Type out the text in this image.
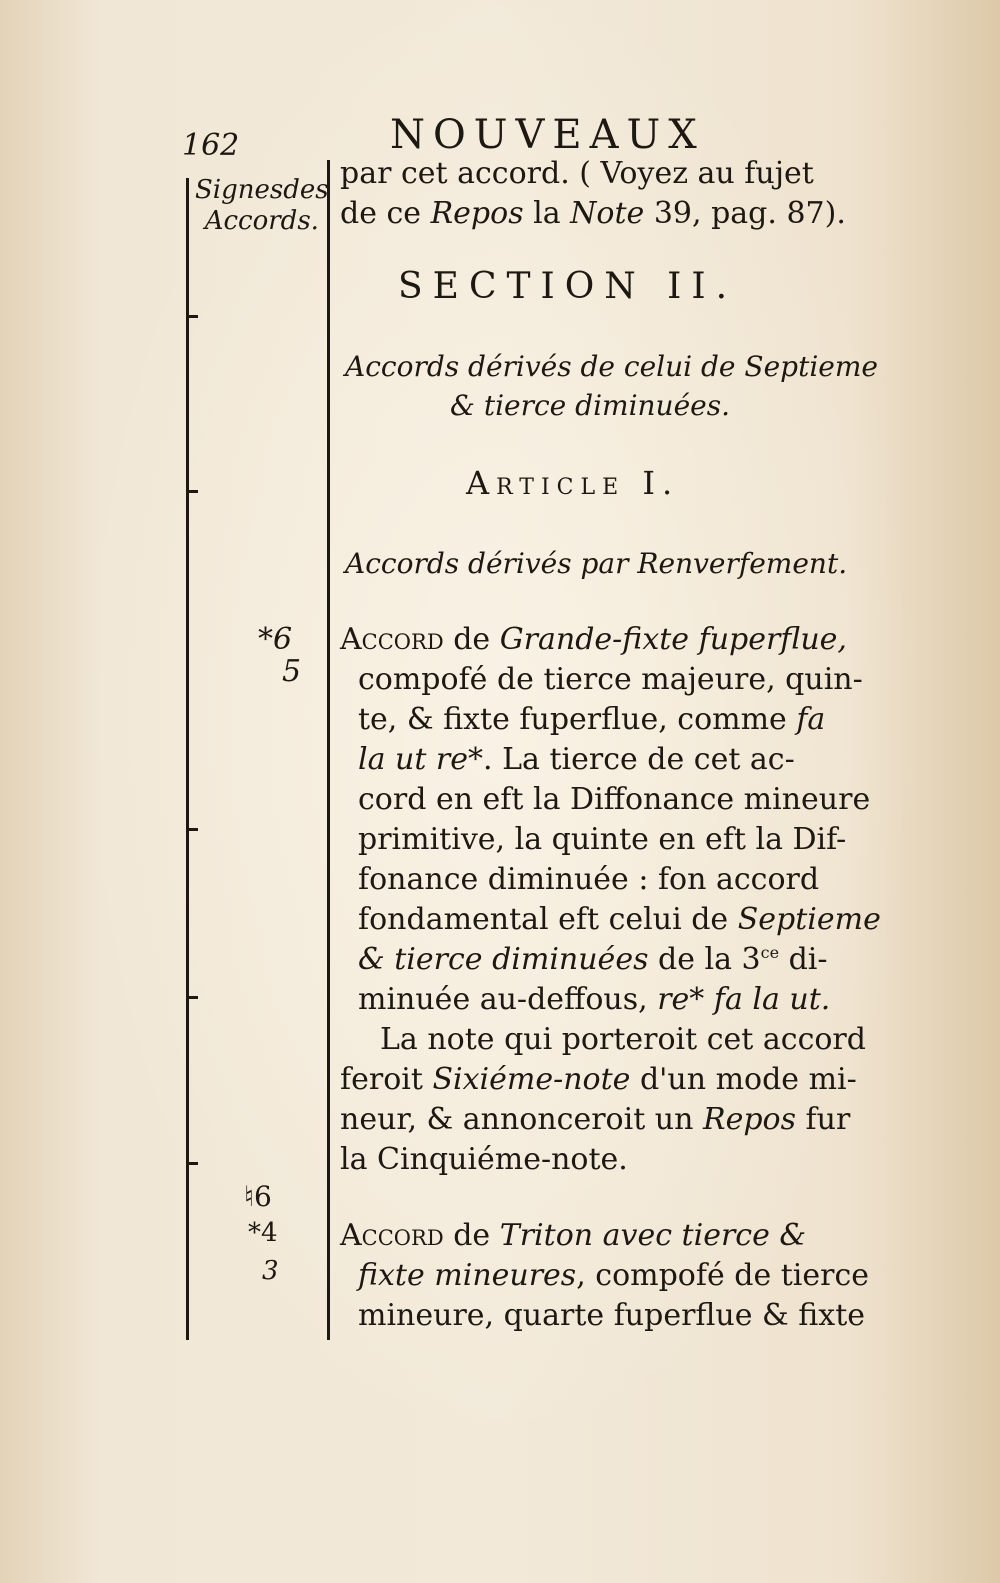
162	NOUVEAUX
Signesdes
Accords.
*6
5
♮6
*4
3
par cet accord. ( Voyez au fujet
de ce Repos la Note 39, pag. 87).
SECTION II.
Accords dérivés de celui de Septieme
& tierce diminuées.
Article I.
Accords dérivés par Renverfement.
Accord de Grande-fixte fuperflue,
compofé de tierce majeure, quin-
te, & fixte fuperflue, comme fa
la ut re*. La tierce de cet ac-
cord en eft la Diffonance mineure
primitive, la quinte en eft la Dif-
fonance diminuée : fon accord
fondamental eft celui de Septieme
& tierce diminuées de la $3^{ce}$ di-
minuée au-deffous, re* fa la ut.
La note qui porteroit cet accord
feroit Sixiéme-note d'un mode mi-
neur, & annonceroit un Repos fur
la Cinquiéme-note.
Accord de Triton avec tierce &
fixte mineures, compofé de tierce
mineure, quarte fuperflue & fixte
